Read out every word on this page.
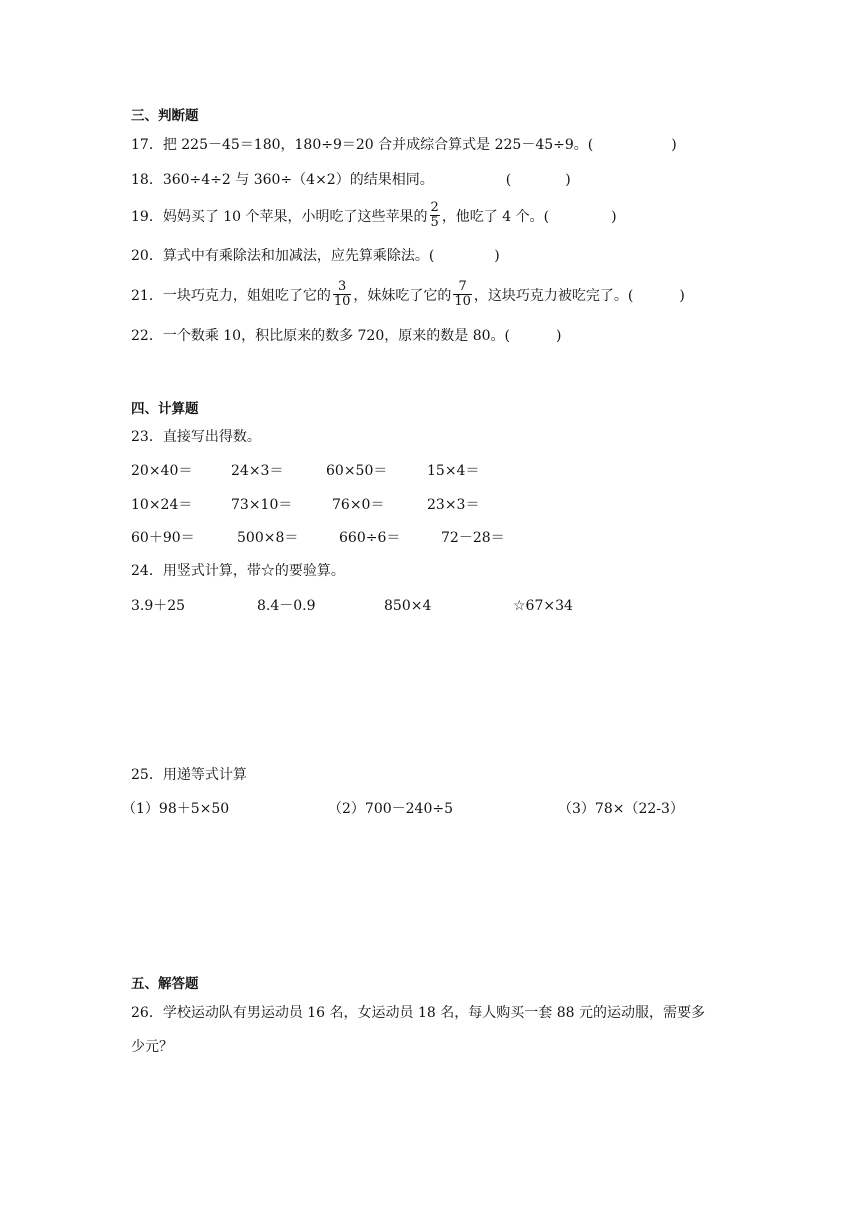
三、判断题
17．把 225－45＝180，180÷9＝20 合并成综合算式是 225－45÷9。(	)
18．360÷4÷2 与 360÷（4×2）的结果相同。	(	)
19．妈妈买了 10 个苹果，小明吃了这些苹果的 $\frac{2}{5}$ ，他吃了 4 个。(	)
20．算式中有乘除法和加减法，应先算乘除法。(	)
21．一块巧克力，姐姐吃了它的 $\frac{3}{10}$ ，妹妹吃了它的 $\frac{7}{10}$ ，这块巧克力被吃完了。(	)
22．一个数乘 10，积比原来的数多 720，原来的数是 80。(	)
四、计算题
23．直接写出得数。
20×40＝	24×3＝	60×50＝	15×4＝
10×24＝	73×10＝	76×0＝	23×3＝
60＋90＝	500×8＝	660÷6＝	72－28＝
24．用竖式计算，带☆的要验算。
3.9＋25	8.4－0.9	850×4	☆67×34
25．用递等式计算
（1）98＋5×50	（2）700－240÷5	（3）78×（22-3）
五、解答题
26．学校运动队有男运动员 16 名，女运动员 18 名，每人购买一套 88 元的运动服，需要多
少元？
